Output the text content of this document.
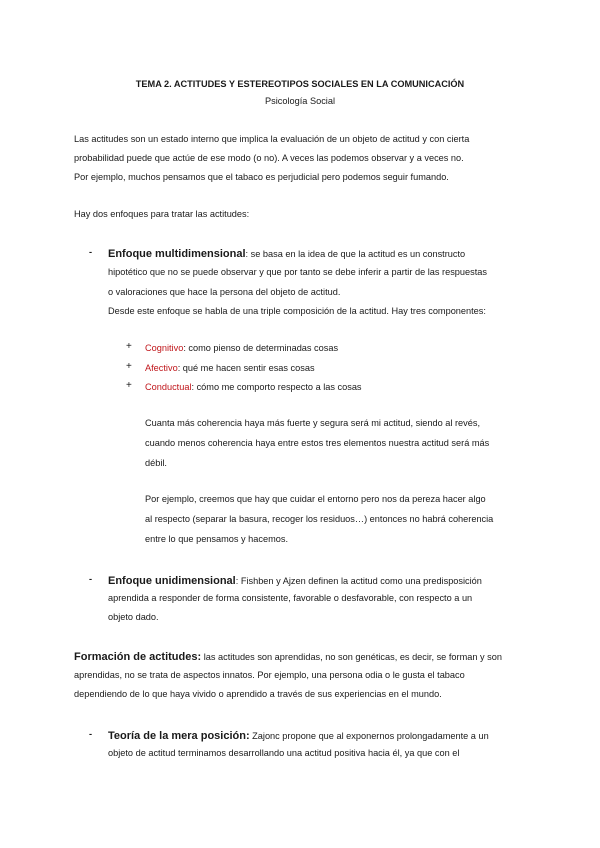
TEMA 2. ACTITUDES Y ESTEREOTIPOS SOCIALES EN LA COMUNICACIÓN
Psicología Social
Las actitudes son un estado interno que implica la evaluación de un objeto de actitud y con cierta
probabilidad puede que actúe de ese modo (o no). A veces las podemos observar y a veces no.
Por ejemplo, muchos pensamos que el tabaco es perjudicial pero podemos seguir fumando.
Hay dos enfoques para tratar las actitudes:
- Enfoque multidimensional: se basa en la idea de que la actitud es un constructo
hipotético que no se puede observar y que por tanto se debe inferir a partir de las respuestas
o valoraciones que hace la persona del objeto de actitud.
Desde este enfoque se habla de una triple composición de la actitud. Hay tres componentes:
+ Cognitivo: como pienso de determinadas cosas
+ Afectivo: qué me hacen sentir esas cosas
+ Conductual: cómo me comporto respecto a las cosas
Cuanta más coherencia haya más fuerte y segura será mi actitud, siendo al revés,
cuando menos coherencia haya entre estos tres elementos nuestra actitud será más
débil.
Por ejemplo, creemos que hay que cuidar el entorno pero nos da pereza hacer algo
al respecto (separar la basura, recoger los residuos…) entonces no habrá coherencia
entre lo que pensamos y hacemos.
- Enfoque unidimensional: Fishben y Ajzen definen la actitud como una predisposición
aprendida a responder de forma consistente, favorable o desfavorable, con respecto a un
objeto dado.
Formación de actitudes: las actitudes son aprendidas, no son genéticas, es decir, se forman y son
aprendidas, no se trata de aspectos innatos. Por ejemplo, una persona odia o le gusta el tabaco
dependiendo de lo que haya vivido o aprendido a través de sus experiencias en el mundo.
- Teoría de la mera posición: Zajonc propone que al exponernos prolongadamente a un
objeto de actitud terminamos desarrollando una actitud positiva hacia él, ya que con el
